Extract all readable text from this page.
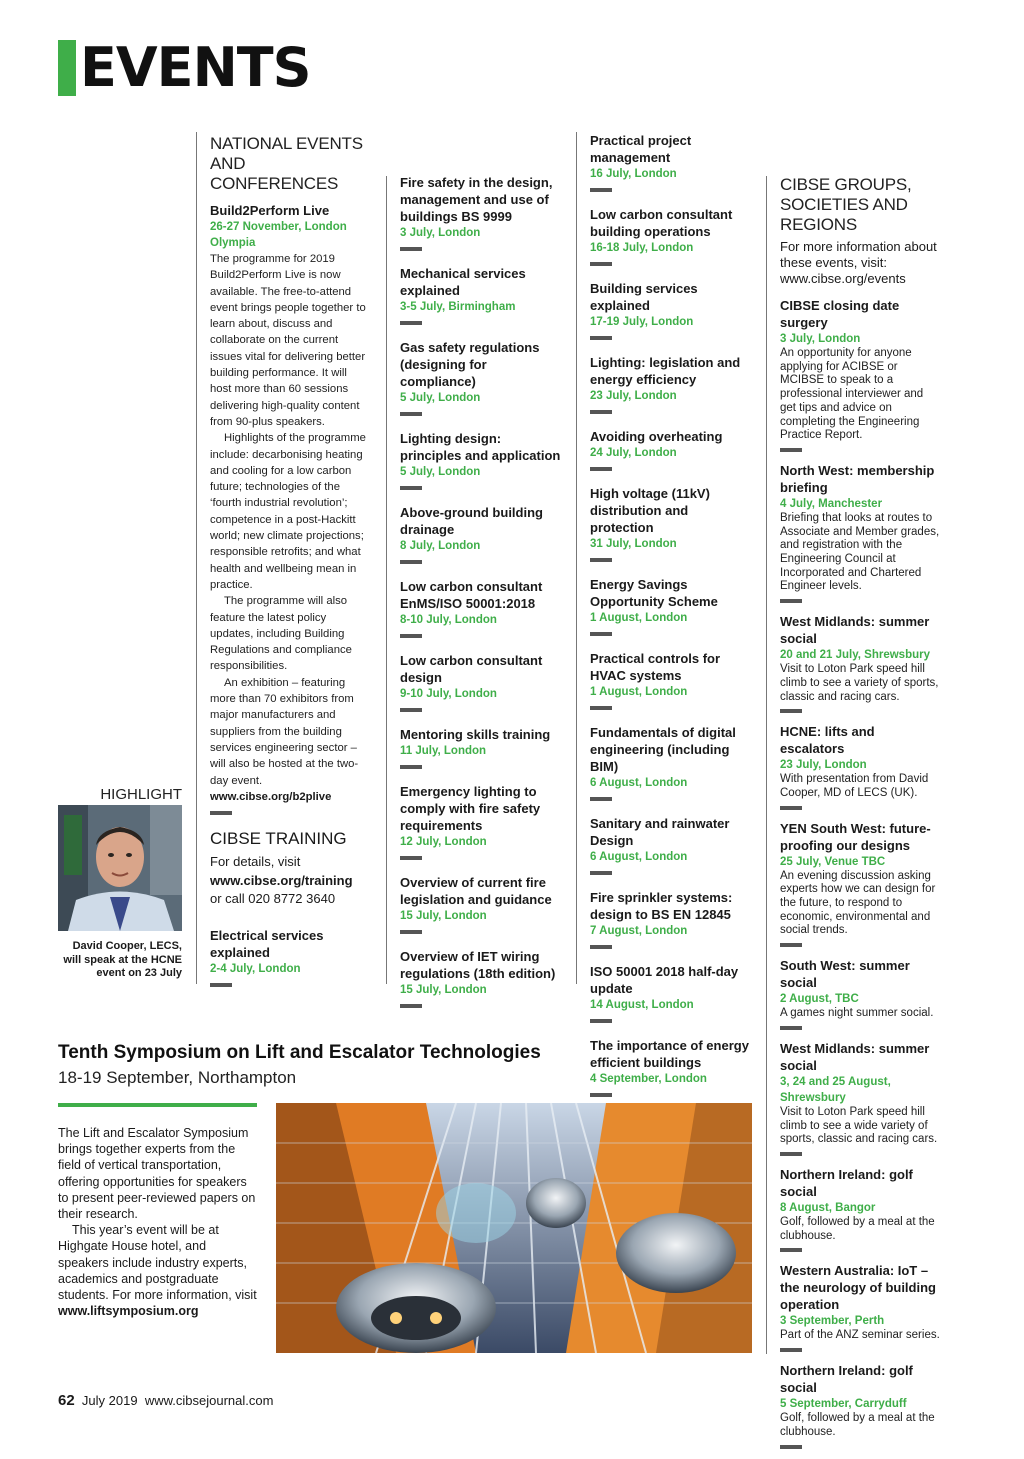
EVENTS
NATIONAL EVENTS AND CONFERENCES
Build2Perform Live
26-27 November, London Olympia
The programme for 2019 Build2Perform Live is now available. The free-to-attend event brings people together to learn about, discuss and collaborate on the current issues vital for delivering better building performance. It will host more than 60 sessions delivering high-quality content from 90-plus speakers.
Highlights of the programme include: decarbonising heating and cooling for a low carbon future; technologies of the ‘fourth industrial revolution’; competence in a post-Hackitt world; new climate projections; responsible retrofits; and what health and wellbeing mean in practice.
The programme will also feature the latest policy updates, including Building Regulations and compliance responsibilities.
An exhibition – featuring more than 70 exhibitors from major manufacturers and suppliers from the building services engineering sector – will also be hosted at the two-day event.
www.cibse.org/b2plive
CIBSE TRAINING
For details, visit
www.cibse.org/training
or call 020 8772 3640
Electrical services explained
2-4 July, London
Fire safety in the design, management and use of buildings BS 9999
3 July, London
Mechanical services explained
3-5 July, Birmingham
Gas safety regulations (designing for compliance)
5 July, London
Lighting design: principles and application
5 July, London
Above-ground building drainage
8 July, London
Low carbon consultant EnMS/ISO 50001:2018
8-10 July, London
Low carbon consultant design
9-10 July, London
Mentoring skills training
11 July, London
Emergency lighting to comply with fire safety requirements
12 July, London
Overview of current fire legislation and guidance
15 July, London
Overview of IET wiring regulations (18th edition)
15 July, London
Practical project management
16 July, London
Low carbon consultant building operations
16-18 July, London
Building services explained
17-19 July, London
Lighting: legislation and energy efficiency
23 July, London
Avoiding overheating
24 July, London
High voltage (11kV) distribution and protection
31 July, London
Energy Savings Opportunity Scheme
1 August, London
Practical controls for HVAC systems
1 August, London
Fundamentals of digital engineering (including BIM)
6 August, London
Sanitary and rainwater Design
6 August, London
Fire sprinkler systems: design to BS EN 12845
7 August, London
ISO 50001 2018 half-day update
14 August, London
The importance of energy efficient buildings
4 September, London
CIBSE GROUPS, SOCIETIES AND REGIONS
For more information about these events, visit: www.cibse.org/events
CIBSE closing date surgery
3 July, London
An opportunity for anyone applying for ACIBSE or MCIBSE to speak to a professional interviewer and get tips and advice on completing the Engineering Practice Report.
North West: membership briefing
4 July, Manchester
Briefing that looks at routes to Associate and Member grades, and registration with the Engineering Council at Incorporated and Chartered Engineer levels.
West Midlands: summer social
20 and 21 July, Shrewsbury
Visit to Loton Park speed hill climb to see a variety of sports, classic and racing cars.
HCNE: lifts and escalators
23 July, London
With presentation from David Cooper, MD of LECS (UK).
YEN South West: future-proofing our designs
25 July, Venue TBC
An evening discussion asking experts how we can design for the future, to respond to economic, environmental and social trends.
South West: summer social
2 August, TBC
A games night summer social.
West Midlands: summer social
3, 24 and 25 August, Shrewsbury
Visit to Loton Park speed hill climb to see a wide variety of sports, classic and racing cars.
Northern Ireland: golf social
8 August, Bangor
Golf, followed by a meal at the clubhouse.
Western Australia: IoT – the neurology of building operation
3 September, Perth
Part of the ANZ seminar series.
Northern Ireland: golf social
5 September, Carryduff
Golf, followed by a meal at the clubhouse.
HIGHLIGHT
David Cooper, LECS, will speak at the HCNE event on 23 July
Tenth Symposium on Lift and Escalator Technologies
18-19 September, Northampton
The Lift and Escalator Symposium brings together experts from the field of vertical transportation, offering opportunities for speakers to present peer-reviewed papers on their research.
This year’s event will be at Highgate House hotel, and speakers include industry experts, academics and postgraduate students. For more information, visit www.liftsymposium.org
62 July 2019 www.cibsejournal.com
